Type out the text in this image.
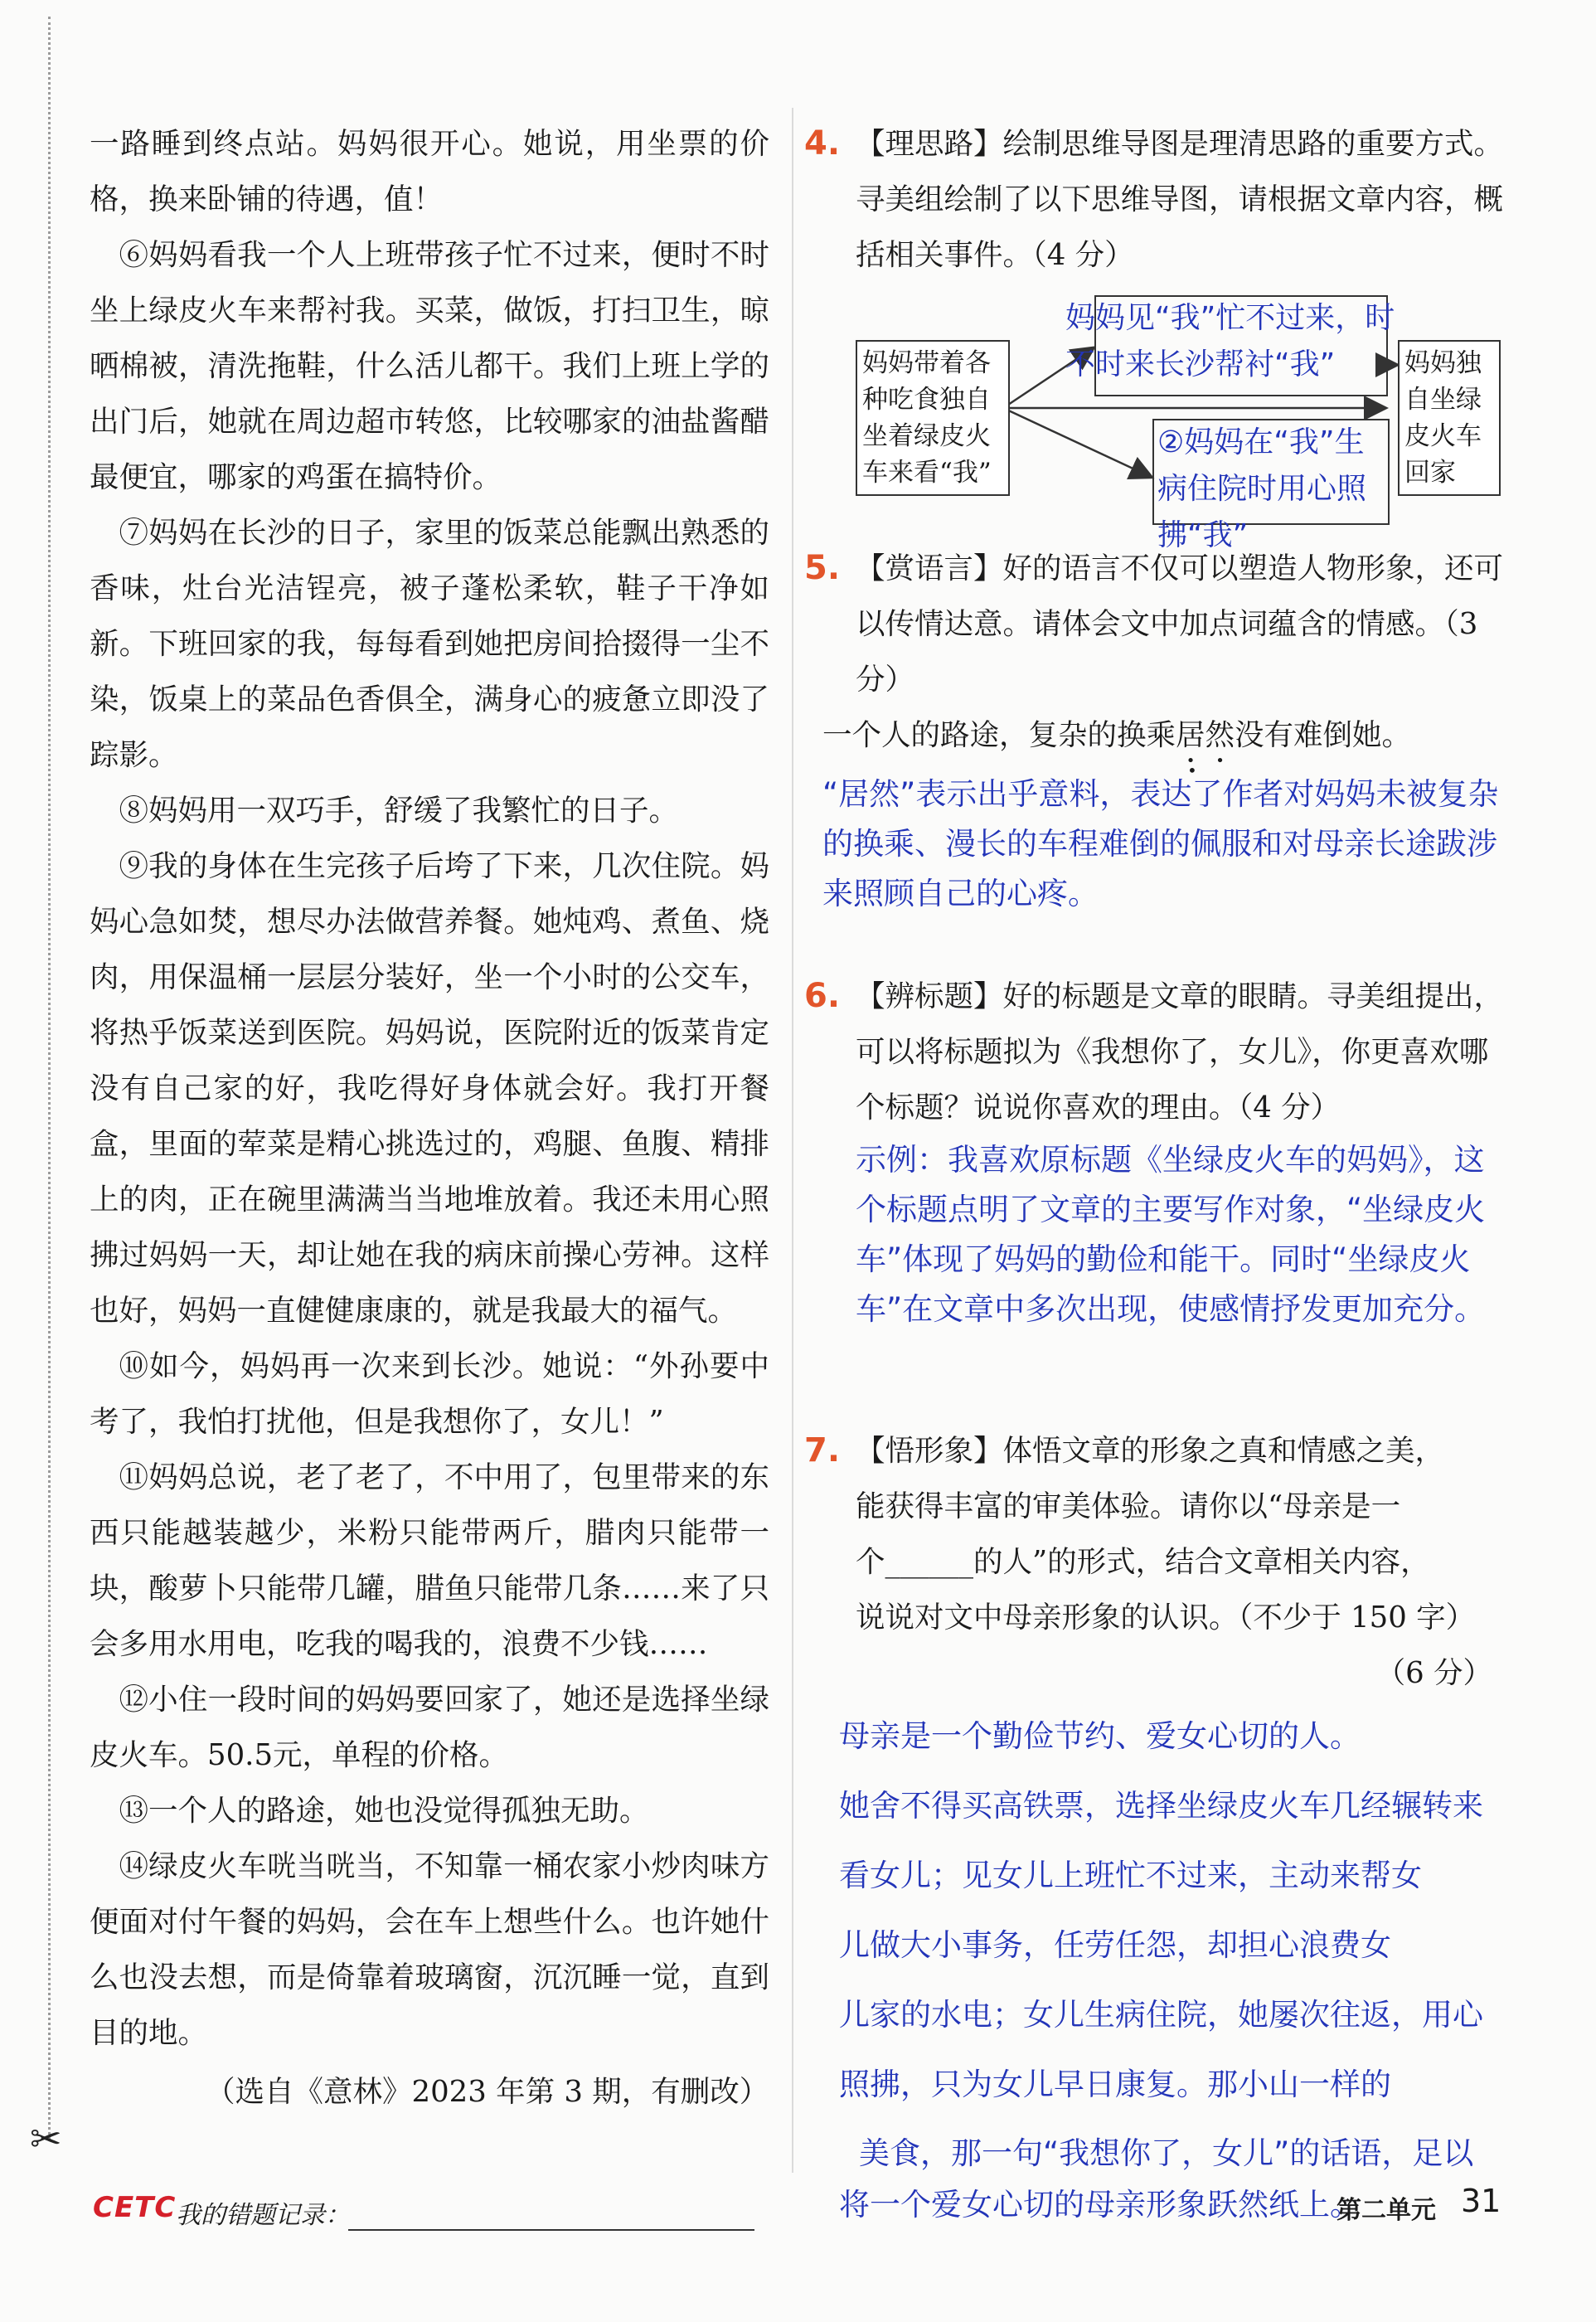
✂

一路睡到终点站。妈妈很开心。她说，用坐票的价格，换来卧铺的待遇，值！

⑥妈妈看我一个人上班带孩子忙不过来，便时不时坐上绿皮火车来帮衬我。买菜，做饭，打扫卫生，晾晒棉被，清洗拖鞋，什么活儿都干。我们上班上学的出门后，她就在周边超市转悠，比较哪家的油盐酱醋最便宜，哪家的鸡蛋在搞特价。

⑦妈妈在长沙的日子，家里的饭菜总能飘出熟悉的香味，灶台光洁锃亮，被子蓬松柔软，鞋子干净如新。下班回家的我，每每看到她把房间拾掇得一尘不染，饭桌上的菜品色香俱全，满身心的疲惫立即没了踪影。

⑧妈妈用一双巧手，舒缓了我繁忙的日子。

⑨我的身体在生完孩子后垮了下来，几次住院。妈妈心急如焚，想尽办法做营养餐。她炖鸡、煮鱼、烧肉，用保温桶一层层分装好，坐一个小时的公交车，将热乎饭菜送到医院。妈妈说，医院附近的饭菜肯定没有自己家的好，我吃得好身体就会好。我打开餐盒，里面的荤菜是精心挑选过的，鸡腿、鱼腹、精排上的肉，正在碗里满满当当地堆放着。我还未用心照拂过妈妈一天，却让她在我的病床前操心劳神。这样也好，妈妈一直健健康康的，就是我最大的福气。

⑩如今，妈妈再一次来到长沙。她说：“外孙要中考了，我怕打扰他，但是我想你了，女儿！”

⑪妈妈总说，老了老了，不中用了，包里带来的东西只能越装越少，米粉只能带两斤，腊肉只能带一块，酸萝卜只能带几罐，腊鱼只能带几条……来了只会多用水用电，吃我的喝我的，浪费不少钱……

⑫小住一段时间的妈妈要回家了，她还是选择坐绿皮火车。50.5元，单程的价格。

⑬一个人的路途，她也没觉得孤独无助。

⑭绿皮火车咣当咣当，不知靠一桶农家小炒肉味方便面对付午餐的妈妈，会在车上想些什么。也许她什么也没去想，而是倚靠着玻璃窗，沉沉睡一觉，直到目的地。

（选自《意林》2023 年第 3 期，有删改）

CETC 我的错题记录：	第二单元 31
4. 【理思路】绘制思维导图是理清思路的重要方式。寻美组绘制了以下思维导图，请根据文章内容，概括相关事件。（4 分）

妈妈带着各种吃食独自坐着绿皮火车来看“我”
妈妈独自坐绿皮火车回家
妈妈见“我”忙不过来，时不时来长沙帮衬“我”
②妈妈在“我”生病住院时用心照拂“我”
5. 【赏语言】好的语言不仅可以塑造人物形象，还可以传情达意。请体会文中加点词蕴含的情感。（3 分）

一个人的路途，复杂的换乘居然没有难倒她。

“居然”表示出乎意料，表达了作者对妈妈未被复杂的换乘、漫长的车程难倒的佩服和对母亲长途跋涉来照顾自己的心疼。

6. 【辨标题】好的标题是文章的眼睛。寻美组提出，可以将标题拟为《我想你了，女儿》，你更喜欢哪个标题？说说你喜欢的理由。（4 分）

示例：我喜欢原标题《坐绿皮火车的妈妈》，这个标题点明了文章的主要写作对象，“坐绿皮火车”体现了妈妈的勤俭和能干。同时“坐绿皮火车”在文章中多次出现，使感情抒发更加充分。

7. 【悟形象】体悟文章的形象之真和情感之美，

能获得丰富的审美体验。请你以“母亲是一

个______的人”的形式，结合文章相关内容，

说说对文中母亲形象的认识。（不少于 150 字）

（6 分）

母亲是一个勤俭节约、爱女心切的人。
她舍不得买高铁票，选择坐绿皮火车几经辗转来
看女儿；见女儿上班忙不过来，主动来帮女
儿做大小事务，任劳任怨，却担心浪费女
儿家的水电；女儿生病住院，她屡次往返，用心
照拂，只为女儿早日康复。那小山一样的
美食，那一句“我想你了，女儿”的话语，足以
将一个爱女心切的母亲形象跃然纸上。
